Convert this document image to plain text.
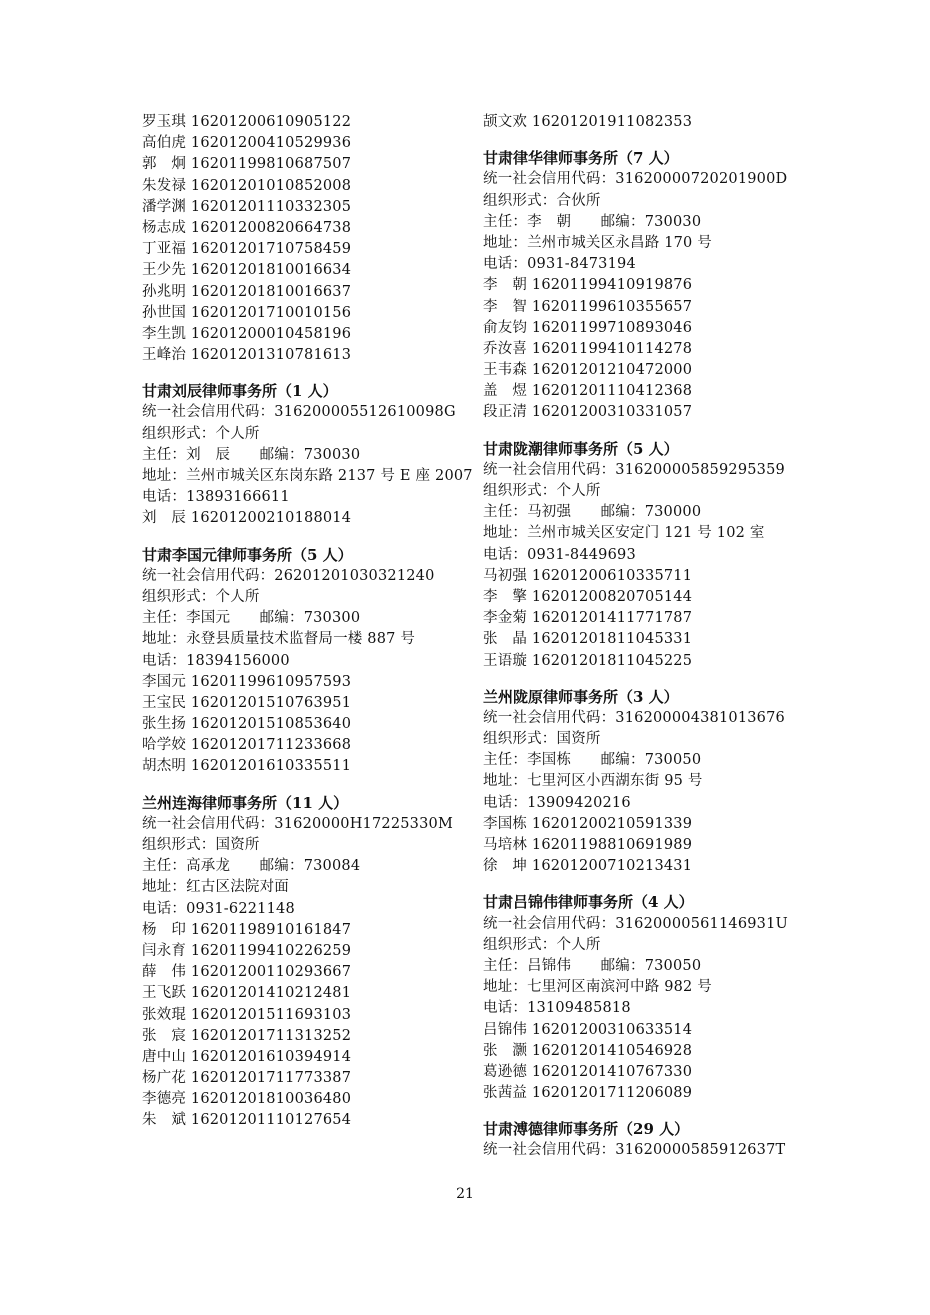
罗玉琪 16201200610905122
高伯虎 16201200410529936
郭　炯 16201199810687507
朱发禄 16201201010852008
潘学渊 16201201110332305
杨志成 16201200820664738
丁亚福 16201201710758459
王少先 16201201810016634
孙兆明 16201201810016637
孙世国 16201201710010156
李生凯 16201200010458196
王峰治 16201201310781613
甘肃刘辰律师事务所（1 人）
统一社会信用代码：316200005512610098G
组织形式：个人所
主任：刘　辰　　邮编：730030
地址：兰州市城关区东岗东路 2137 号 E 座 2007
电话：13893166611
刘　辰 16201200210188014
甘肃李国元律师事务所（5 人）
统一社会信用代码：26201201030321240
组织形式：个人所
主任：李国元　　邮编：730300
地址：永登县质量技术监督局一楼 887 号
电话：18394156000
李国元 16201199610957593
王宝民 16201201510763951
张生扬 16201201510853640
哈学姣 16201201711233668
胡杰明 16201201610335511
兰州连海律师事务所（11 人）
统一社会信用代码：31620000H17225330M
组织形式：国资所
主任：高承龙　　邮编：730084
地址：红古区法院对面
电话：0931-6221148
杨　印 16201198910161847
闫永育 16201199410226259
薛　伟 16201200110293667
王飞跃 16201201410212481
张效琨 16201201511693103
张　宸 16201201711313252
唐中山 16201201610394914
杨广花 16201201711773387
李德亮 16201201810036480
朱　斌 16201201110127654
颉文欢 16201201911082353
甘肃律华律师事务所（7 人）
统一社会信用代码：31620000720201900D
组织形式：合伙所
主任：李　朝　　邮编：730030
地址：兰州市城关区永昌路 170 号
电话：0931-8473194
李　朝 16201199410919876
李　智 16201199610355657
俞友钧 16201199710893046
乔汝喜 16201199410114278
王韦森 16201201210472000
盖　煜 16201201110412368
段正清 16201200310331057
甘肃陇潮律师事务所（5 人）
统一社会信用代码：316200005859295359
组织形式：个人所
主任：马初强　　邮编：730000
地址：兰州市城关区安定门 121 号 102 室
电话：0931-8449693
马初强 16201200610335711
李　擎 16201200820705144
李金菊 16201201411771787
张　晶 16201201811045331
王语璇 16201201811045225
兰州陇原律师事务所（3 人）
统一社会信用代码：316200004381013676
组织形式：国资所
主任：李国栋　　邮编：730050
地址：七里河区小西湖东街 95 号
电话：13909420216
李国栋 16201200210591339
马培林 16201198810691989
徐　坤 16201200710213431
甘肃吕锦伟律师事务所（4 人）
统一社会信用代码：31620000561146931U
组织形式：个人所
主任：吕锦伟　　邮编：730050
地址：七里河区南滨河中路 982 号
电话：13109485818
吕锦伟 16201200310633514
张　灏 16201201410546928
葛逊德 16201201410767330
张茜益 16201201711206089
甘肃溥德律师事务所（29 人）
统一社会信用代码：31620000585912637T
21
